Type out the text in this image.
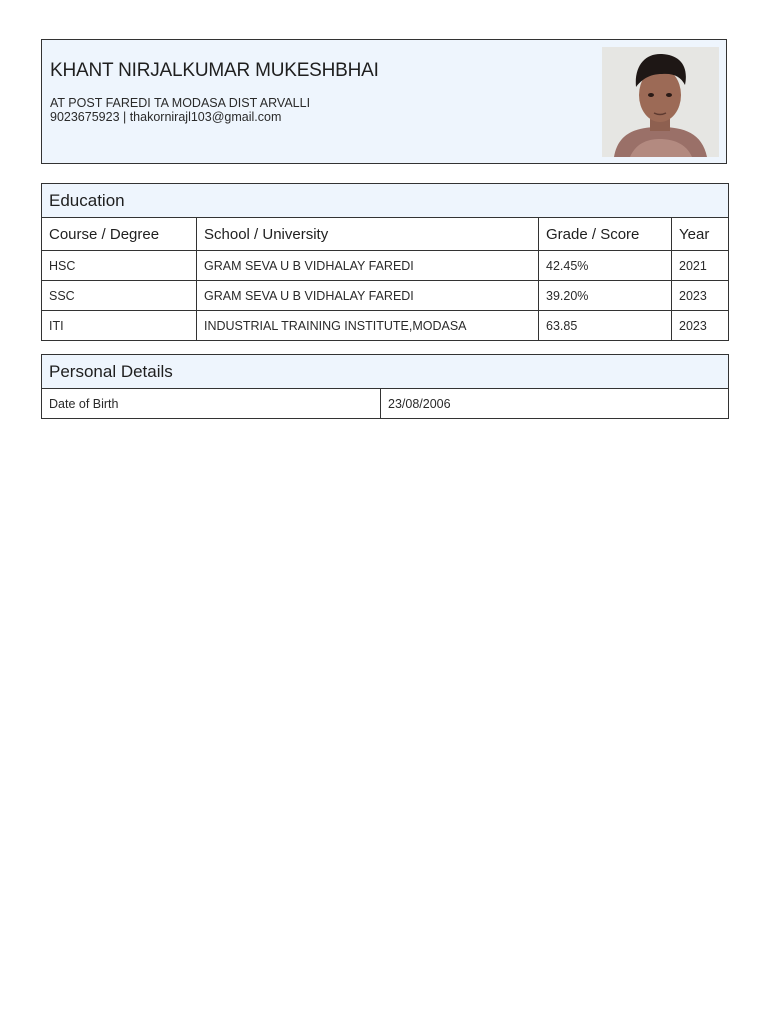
KHANT NIRJALKUMAR MUKESHBHAI
AT POST FAREDI TA MODASA DIST ARVALLI
9023675923 | thakornirajl103@gmail.com
Education			
Course / Degree	School / University	Grade / Score	Year
HSC	GRAM SEVA U B VIDHALAY FAREDI	42.45%	2021
SSC	GRAM SEVA U B VIDHALAY FAREDI	39.20%	2023
ITI	INDUSTRIAL TRAINING INSTITUTE,MODASA	63.85	2023
Personal Details
Date of Birth	23/08/2006
